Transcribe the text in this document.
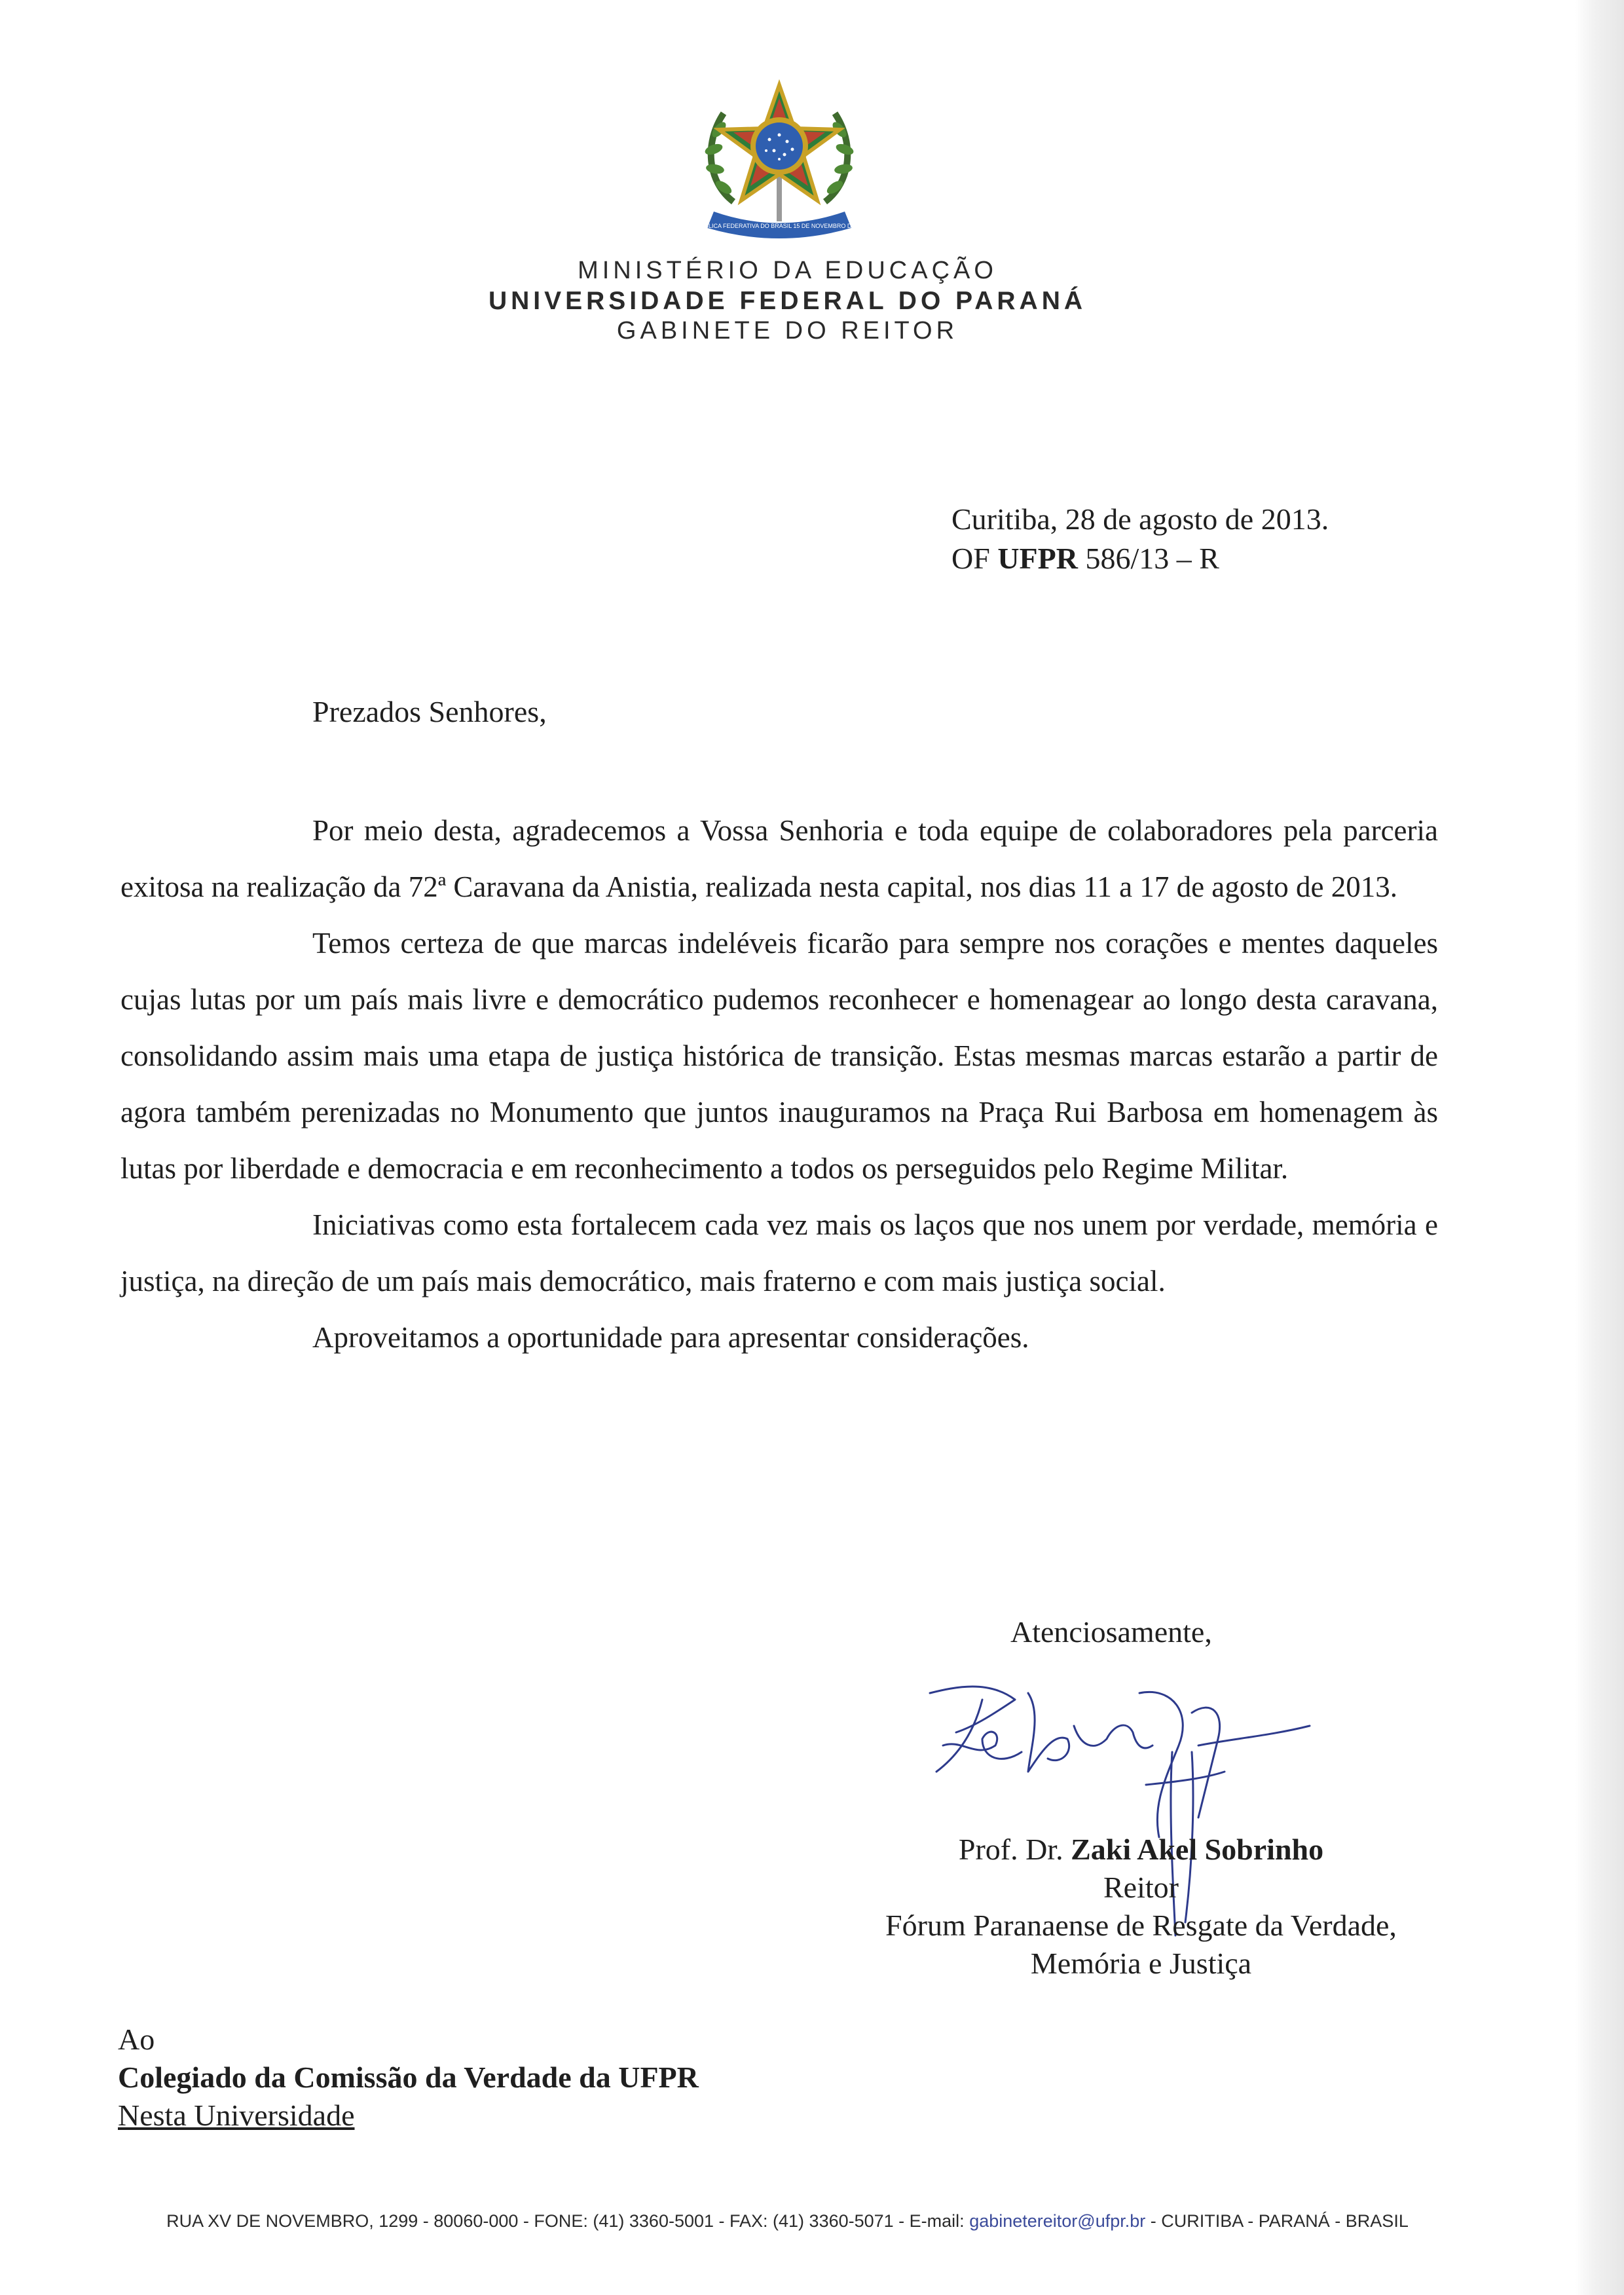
REPUBLICA FEDERATIVA DO BRASIL 15 DE NOVEMBRO DE 1889
MINISTÉRIO DA EDUCAÇÃO
UNIVERSIDADE FEDERAL DO PARANÁ
GABINETE DO REITOR
Curitiba, 28 de agosto de 2013.
OF UFPR 586/13 – R
Prezados Senhores,

Por meio desta, agradecemos a Vossa Senhoria e toda equipe de colaboradores pela parceria exitosa na realização da 72ª Caravana da Anistia, realizada nesta capital, nos dias 11 a 17 de agosto de 2013.

Temos certeza de que marcas indeléveis ficarão para sempre nos corações e mentes daqueles cujas lutas por um país mais livre e democrático pudemos reconhecer e homenagear ao longo desta caravana, consolidando assim mais uma etapa de justiça histórica de transição. Estas mesmas marcas estarão a partir de agora também perenizadas no Monumento que juntos inauguramos na Praça Rui Barbosa em homenagem às lutas por liberdade e democracia e em reconhecimento a todos os perseguidos pelo Regime Militar.

Iniciativas como esta fortalecem cada vez mais os laços que nos unem por verdade, memória e justiça, na direção de um país mais democrático, mais fraterno e com mais justiça social.

Aproveitamos a oportunidade para apresentar considerações.

Atenciosamente,
Prof. Dr. Zaki Akel Sobrinho
Reitor
Fórum Paranaense de Resgate da Verdade,
Memória e Justiça
Ao
Colegiado da Comissão da Verdade da UFPR
Nesta Universidade
RUA XV DE NOVEMBRO, 1299 - 80060-000 - FONE: (41) 3360-5001 - FAX: (41) 3360-5071 - E-mail: gabinetereitor@ufpr.br - CURITIBA - PARANÁ - BRASIL
